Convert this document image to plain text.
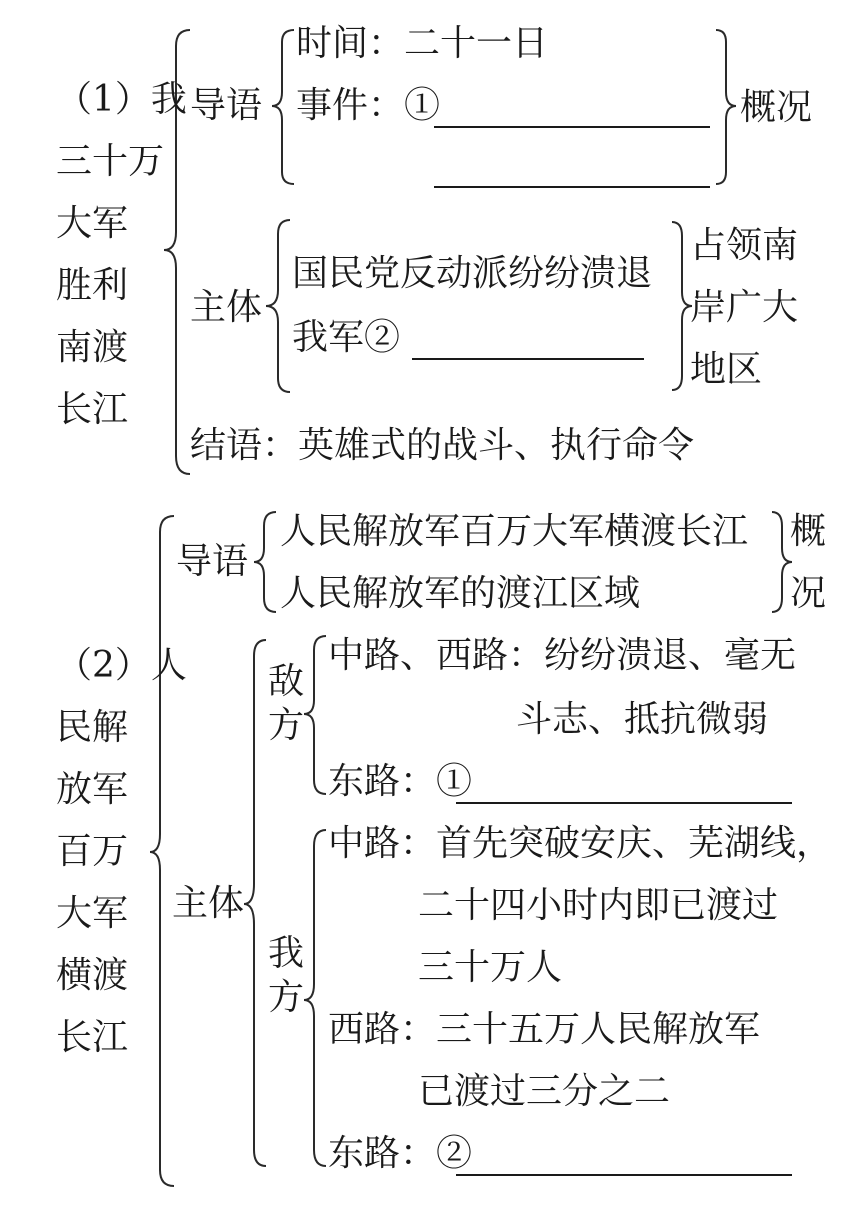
（1）我
三十万
大军
胜利
南渡
长江
导语
时间：二十一日
事件：①	概况
主体
国民党反动派纷纷溃退
我军②
占领南
岸广大
地区
结语：英雄式的战斗、执行命令
（2）人
民解
放军
百万
大军
横渡
长江
导语
人民解放军百万大军横渡长江
人民解放军的渡江区域
概
况
主体
敌
方
中路、西路：纷纷溃退、毫无
斗志、抵抗微弱
东路：①
我
方
中路：首先突破安庆、芜湖线，
二十四小时内即已渡过
三十万人
西路：三十五万人民解放军
已渡过三分之二
东路：②
